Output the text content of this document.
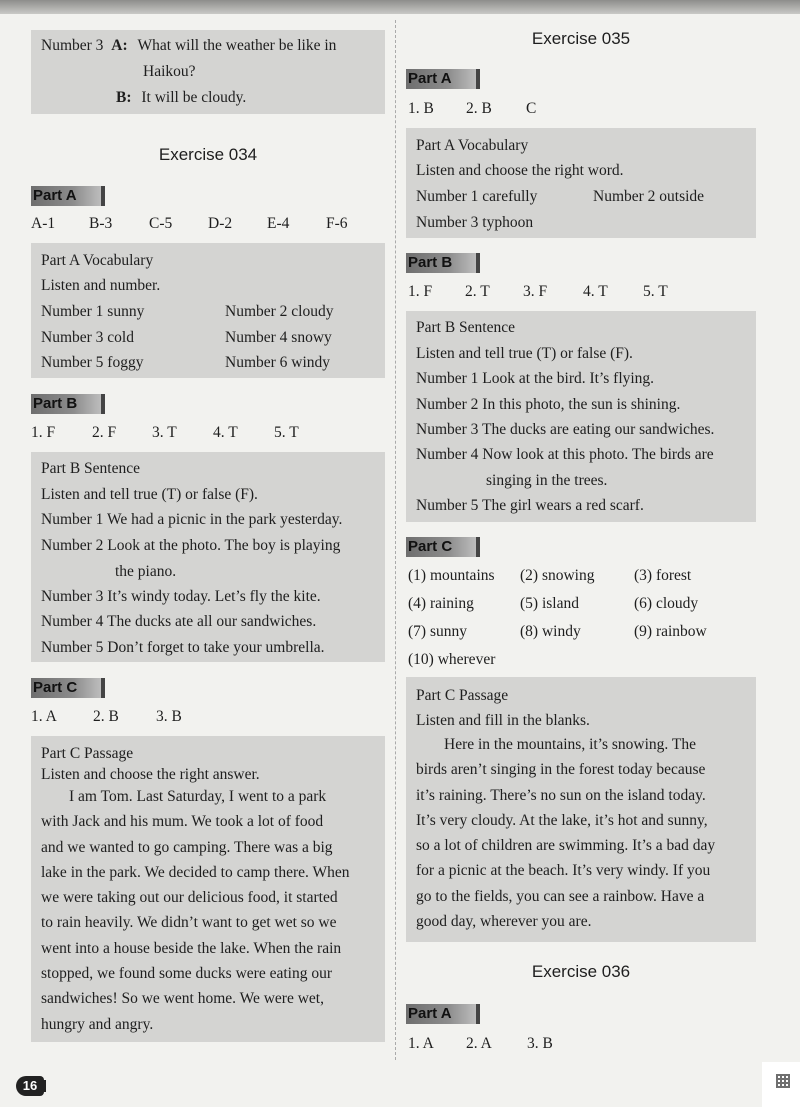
Number 3 A: What will the weather be like in
Haikou?
B: It will be cloudy.
Exercise 034
Part A
A-1 B-3 C-5 D-2 E-4 F-6
Part A Vocabulary
Listen and number.
Number 1 sunny	Number 2 cloudy
Number 3 cold	Number 4 snowy
Number 5 foggy	Number 6 windy
Part B
1. F 2. F 3. T 4. T 5. T
Part B Sentence
Listen and tell true (T) or false (F).
Number 1 We had a picnic in the park yesterday.
Number 2 Look at the photo. The boy is playing
the piano.
Number 3 It’s windy today. Let’s fly the kite.
Number 4 The ducks ate all our sandwiches.
Number 5 Don’t forget to take your umbrella.
Part C
1. A 2. B 3. B
Part C Passage
Listen and choose the right answer.
I am Tom. Last Saturday, I went to a park
with Jack and his mum. We took a lot of food
and we wanted to go camping. There was a big
lake in the park. We decided to camp there. When
we were taking out our delicious food, it started
to rain heavily. We didn’t want to get wet so we
went into a house beside the lake. When the rain
stopped, we found some ducks were eating our
sandwiches! So we went home. We were wet,
hungry and angry.
Exercise 035
Part A
1. B 2. B C
Part A Vocabulary
Listen and choose the right word.
Number 1 carefully	Number 2 outside
Number 3 typhoon
Part B
1. F 2. T 3. F 4. T 5. T
Part B Sentence
Listen and tell true (T) or false (F).
Number 1 Look at the bird. It’s flying.
Number 2 In this photo, the sun is shining.
Number 3 The ducks are eating our sandwiches.
Number 4 Now look at this photo. The birds are
singing in the trees.
Number 5 The girl wears a red scarf.
Part C
(1) mountains (2) snowing	(3) forest
(4) raining	(5) island	(6) cloudy
(7) sunny	(8) windy	(9) rainbow
(10) wherever
Part C Passage
Listen and fill in the blanks.
Here in the mountains, it’s snowing. The
birds aren’t singing in the forest today because
it’s raining. There’s no sun on the island today.
It’s very cloudy. At the lake, it’s hot and sunny,
so a lot of children are swimming. It’s a bad day
for a picnic at the beach. It’s very windy. If you
go to the fields, you can see a rainbow. Have a
good day, wherever you are.
Exercise 036
Part A
1. A 2. A 3. B
16
